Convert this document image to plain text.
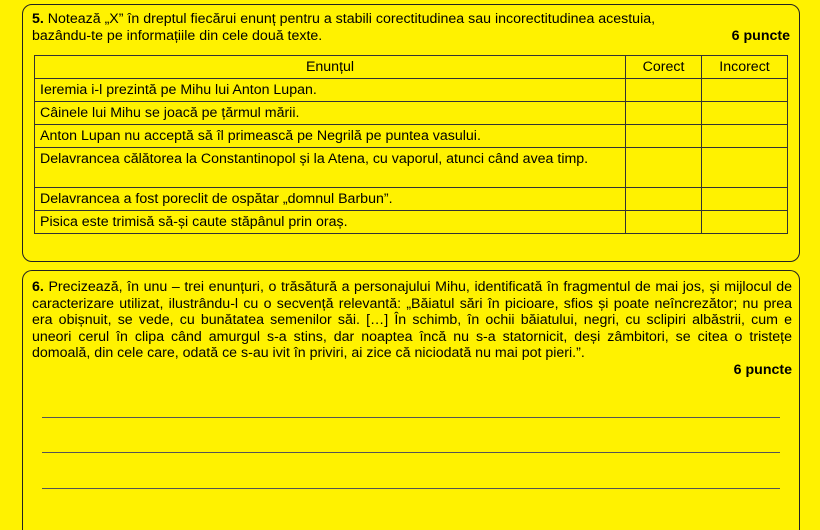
5. Notează „X” în dreptul fiecărui enunț pentru a stabili corectitudinea sau incorectitudinea acestuia,
bazându-te pe informațiile din cele două texte.	6 puncte
Enunțul	Corect	Incorect
Ieremia i-l prezintă pe Mihu lui Anton Lupan.		
Câinele lui Mihu se joacă pe țărmul mării.		
Anton Lupan nu acceptă să îl primească pe Negrilă pe puntea vasului.		
Delavrancea călătorea la Constantinopol și la Atena, cu vaporul, atunci când avea timp.		
Delavrancea a fost poreclit de ospătar „domnul Barbun”.		
Pisica este trimisă să-și caute stăpânul prin oraș.		
6. Precizează, în unu – trei enunțuri, o trăsătură a personajului Mihu, identificată în fragmentul de mai jos, și mijlocul de caracterizare utilizat, ilustrându-l cu o secvență relevantă: „Băiatul sări în picioare, sfios și poate neîncrezător; nu prea era obișnuit, se vede, cu bunătatea semenilor săi. […] În schimb, în ochii băiatului, negri, cu sclipiri albăstrii, cum e uneori cerul în clipa când amurgul s-a stins, dar noaptea încă nu s-a statornicit, deși zâmbitori, se citea o tristețe domoală, din cele care, odată ce s-au ivit în priviri, ai zice că niciodată nu mai pot pieri.”.
6 puncte
